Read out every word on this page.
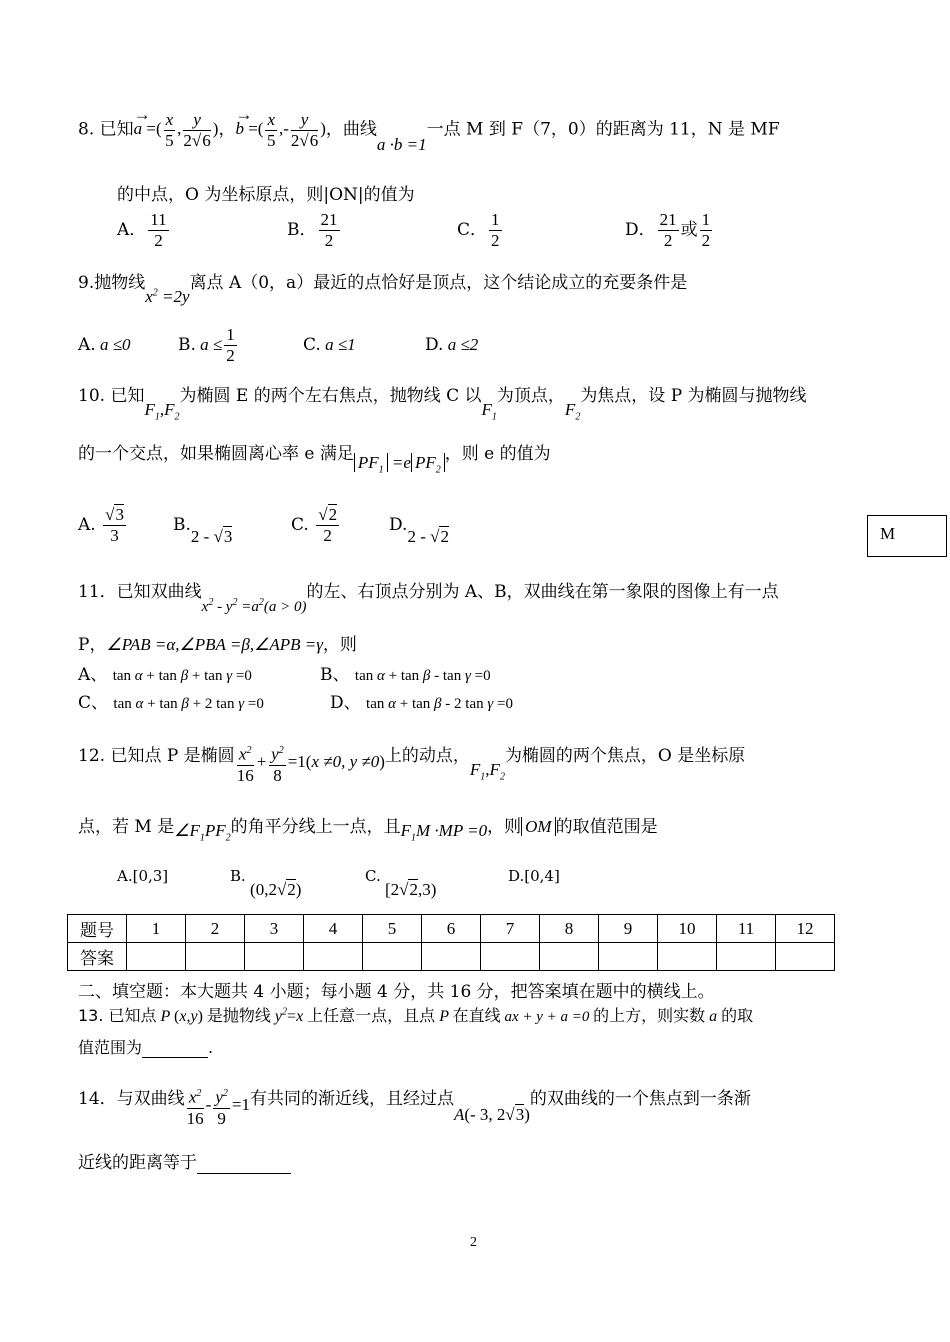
8. 已知a
→
=( $\frac{x}{5}$ , $\frac{y}{2√6}$ )，b
→
=( $\frac{x}{5}$ ,- $\frac{y}{2√6}$ )，曲线a ·b =1一点 M 到 F（7，0）的距离为 11，N 是 MF
的中点，O 为坐标原点，则|ON|的值为
A． $\frac{11}{2}$	B． $\frac{21}{2}$	C． $\frac{1}{2}$	D． $\frac{21}{2}$ 或 $\frac{1}{2}$
9.抛物线$x^2 =2y$离点 A（0，a）最近的点恰好是顶点，这个结论成立的充要条件是
A. a ≤0	B. $a \le \frac{1}{2}$	C. a ≤1	D. a ≤2
10. 已知$F_1,F_2$为椭圆 E 的两个左右焦点，抛物线 C 以$F_1$为顶点，$F_2$为焦点，设 P 为椭圆与抛物线
的一个交点，如果椭圆离心率 e 满足 $PF_1 =e$ $PF_2$，则 e 的值为
A. $\frac{√3}{3}$	B.2 - √3C. $\frac{√2}{2}$	D.2 - √2	M
11．已知双曲线$x^2 - y^2 =a^2(a > 0)$的左、右顶点分别为 A、B，双曲线在第一象限的图像上有一点
P，∠PAB =α,∠PBA =β,∠APB =γ，则
A、 tan α + tan β + tan γ =0	B、 tan α + tan β - tan γ =0
C、 tan α + tan β + 2 tan γ =0	D、 tan α + tan β - 2 tan γ =0
12. 已知点 P 是椭圆 $\frac{x^2}{16} + \frac{y^2}{8} =1(x \ne 0$, y ≠0)上的动点，$F_1,F_2$为椭圆的两个焦点，O 是坐标原
点，若 M 是$\angle F_1PF_2$的角平分线上一点，且$F_1M \cdot MP =0$，则 OM 的取值范围是
A.[0,3]	B. (0,2√2)C. [2√2,3)D.[0,4]
题号	1	2	3	4	5	6	7	8	9	10	11	12
答案												
二、填空题：本大题共 4 小题；每小题 4 分，共 16 分，把答案填在题中的横线上。
13. 已知点 P (x,y) 是抛物线 $y^2=x$ 上任意一点，且点 P 在直线 ax + y + a =0 的上方，则实数 a 的取
值范围为	.
14．与双曲线 $\frac{x^2}{16} - \frac{y^2}{9} =1$有共同的渐近线，且经过点A(- 3, 2√3)的双曲线的一个焦点到一条渐
近线的距离等于
2
